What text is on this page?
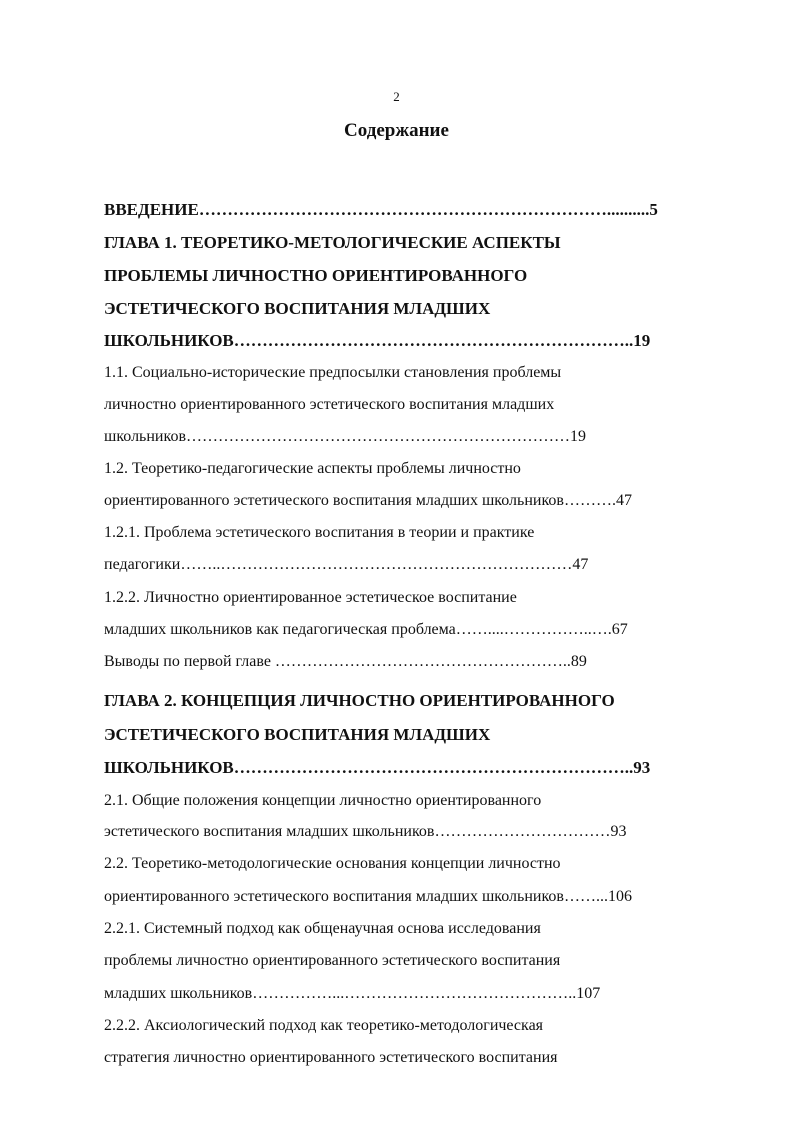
2
Содержание
ВВЕДЕНИЕ………………………………………………………………..........5
ГЛАВА 1. ТЕОРЕТИКО-МЕТОЛОГИЧЕСКИЕ АСПЕКТЫ
ПРОБЛЕМЫ ЛИЧНОСТНО ОРИЕНТИРОВАННОГО
ЭСТЕТИЧЕСКОГО ВОСПИТАНИЯ МЛАДШИХ
ШКОЛЬНИКОВ……………………………………………………………..19
1.1. Социально-исторические предпосылки становления проблемы
личностно ориентированного эстетического воспитания младших
школьников………………………………………………………………19
1.2. Теоретико-педагогические аспекты проблемы личностно
ориентированного эстетического воспитания младших школьников……….47
1.2.1. Проблема эстетического воспитания в теории и практике
педагогики……..…………………………………………………………47
1.2.2. Личностно ориентированное эстетическое воспитание
младших школьников как педагогическая проблема……....……………..….67
Выводы по первой главе ………………………………………………..89
ГЛАВА 2. КОНЦЕПЦИЯ ЛИЧНОСТНО ОРИЕНТИРОВАННОГО
ЭСТЕТИЧЕСКОГО ВОСПИТАНИЯ МЛАДШИХ
ШКОЛЬНИКОВ……………………………………………………………..93
2.1. Общие положения концепции личностно ориентированного
эстетического воспитания младших школьников……………………………93
2.2. Теоретико-методологические основания концепции личностно
ориентированного эстетического воспитания младших школьников……...106
2.2.1. Системный подход как общенаучная основа исследования
проблемы личностно ориентированного эстетического воспитания
младших школьников……………...……………………………………..107
2.2.2. Аксиологический подход как теоретико-методологическая
стратегия личностно ориентированного эстетического воспитания
